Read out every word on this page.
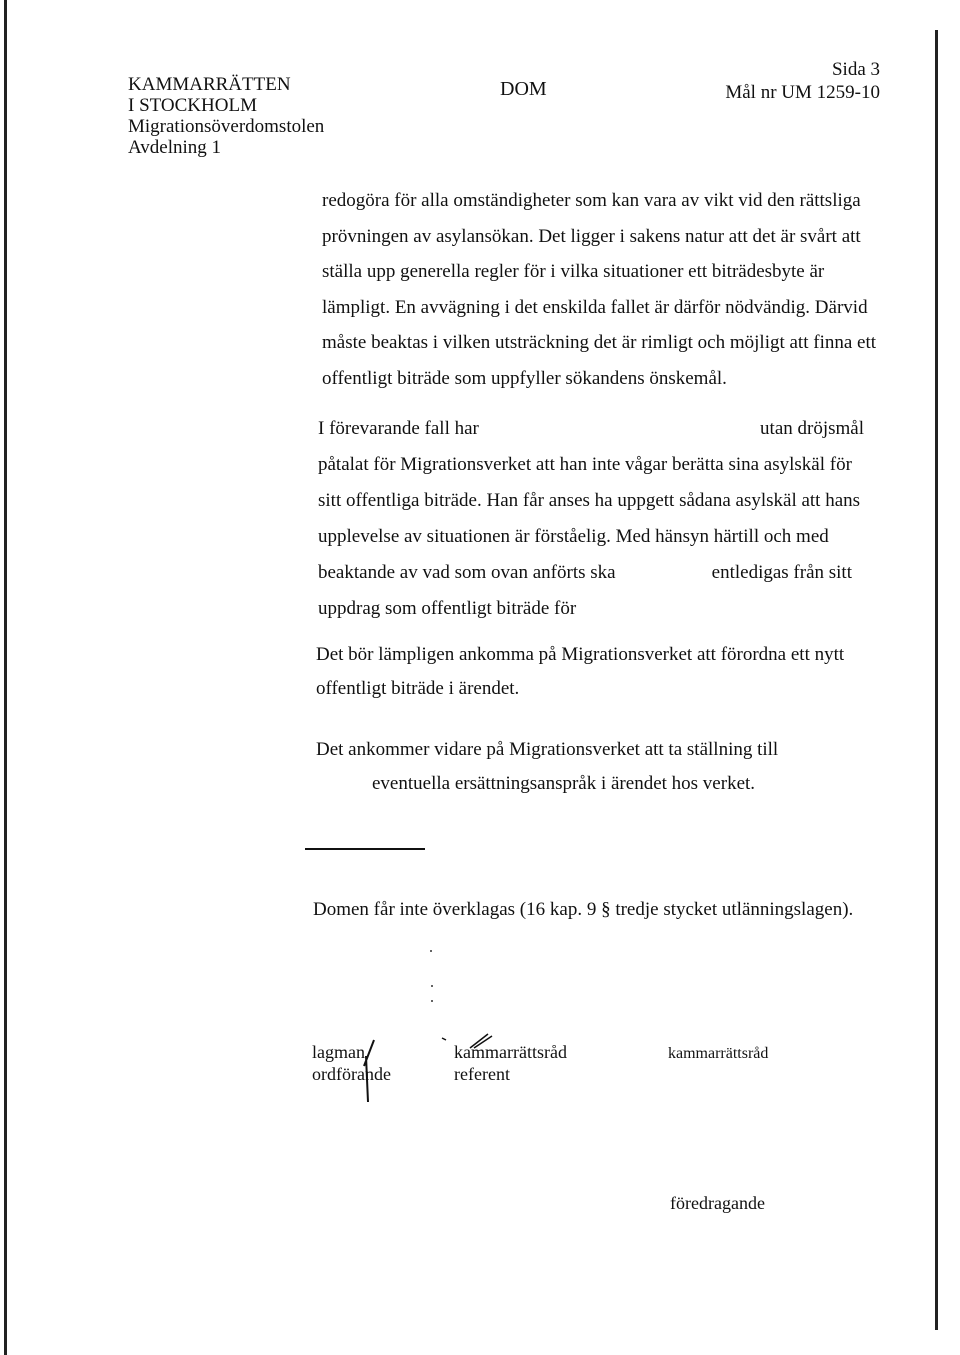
KAMMARRÄTTEN
I STOCKHOLM
Migrationsöverdomstolen
Avdelning 1
DOM
Sida 3
Mål nr UM 1259-10
redogöra för alla omständigheter som kan vara av vikt vid den rättsliga
prövningen av asylansökan. Det ligger i sakens natur att det är svårt att
ställa upp generella regler för i vilka situationer ett biträdesbyte är
lämpligt. En avvägning i det enskilda fallet är därför nödvändig. Därvid
måste beaktas i vilken utsträckning det är rimligt och möjligt att finna ett
offentligt biträde som uppfyller sökandens önskemål.
I förevarande fall har	utan dröjsmål
påtalat för Migrationsverket att han inte vågar berätta sina asylskäl för
sitt offentliga biträde. Han får anses ha uppgett sådana asylskäl att hans
upplevelse av situationen är förståelig. Med hänsyn härtill och med
beaktande av vad som ovan anförts ska	entledigas från sitt
uppdrag som offentligt biträde för
Det bör lämpligen ankomma på Migrationsverket att förordna ett nytt
offentligt biträde i ärendet.
Det ankommer vidare på Migrationsverket att ta ställning till
eventuella ersättningsanspråk i ärendet hos verket.
Domen får inte överklagas (16 kap. 9 § tredje stycket utlänningslagen).
lagman
ordförande
kammarrättsråd
referent
kammarrättsråd
föredragande
